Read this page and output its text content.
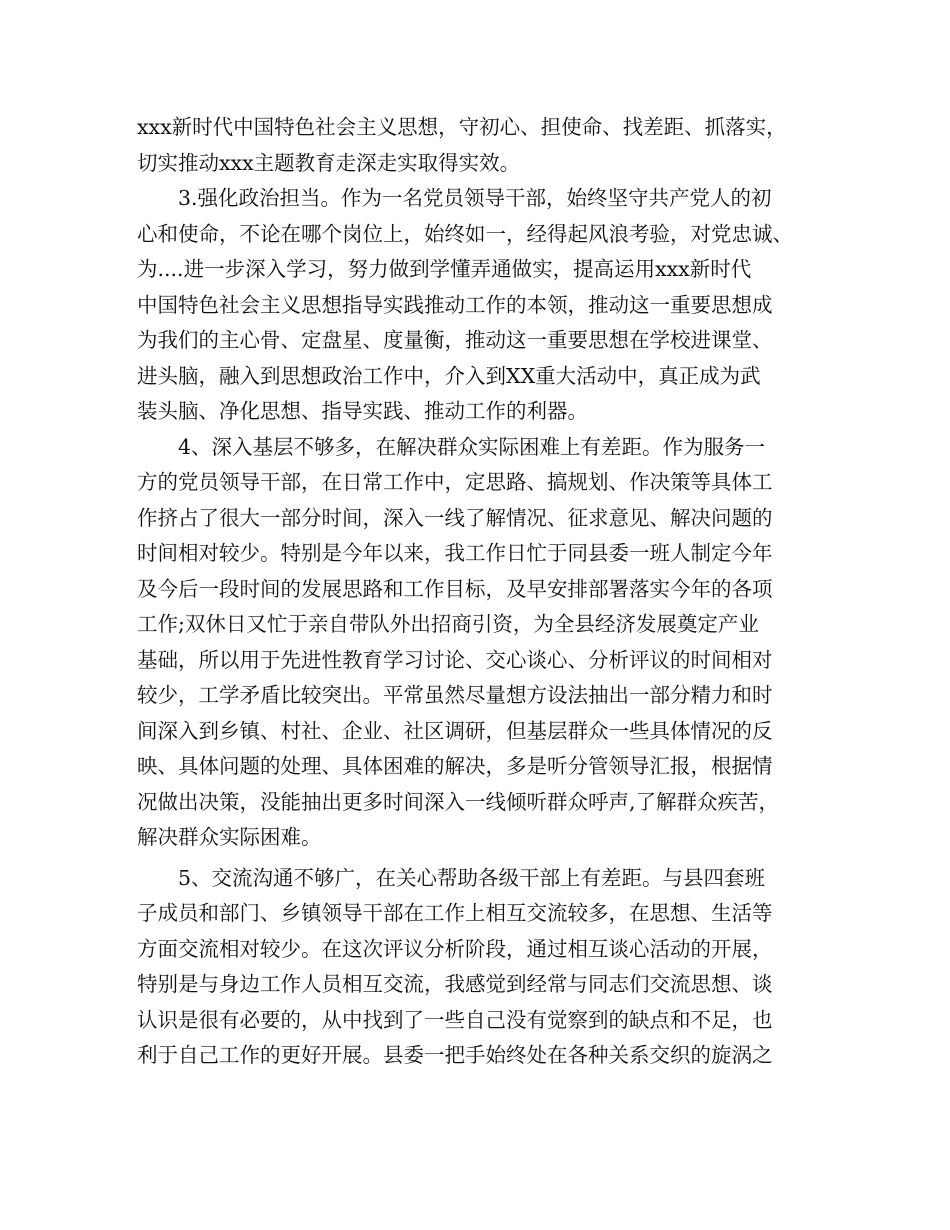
xxx新时代中国特色社会主义思想，守初心、担使命、找差距、抓落实，
切实推动xxx主题教育走深走实取得实效。
　　3.强化政治担当。作为一名党员领导干部，始终坚守共产党人的初
心和使命，不论在哪个岗位上，始终如一，经得起风浪考验，对党忠诚、
为....进一步深入学习，努力做到学懂弄通做实，提高运用xxx新时代
中国特色社会主义思想指导实践推动工作的本领，推动这一重要思想成
为我们的主心骨、定盘星、度量衡，推动这一重要思想在学校进课堂、
进头脑，融入到思想政治工作中，介入到XX重大活动中，真正成为武
装头脑、净化思想、指导实践、推动工作的利器。
　　4、深入基层不够多，在解决群众实际困难上有差距。作为服务一
方的党员领导干部，在日常工作中，定思路、搞规划、作决策等具体工
作挤占了很大一部分时间，深入一线了解情况、征求意见、解决问题的
时间相对较少。特别是今年以来，我工作日忙于同县委一班人制定今年
及今后一段时间的发展思路和工作目标，及早安排部署落实今年的各项
工作;双休日又忙于亲自带队外出招商引资，为全县经济发展奠定产业
基础，所以用于先进性教育学习讨论、交心谈心、分析评议的时间相对
较少，工学矛盾比较突出。平常虽然尽量想方设法抽出一部分精力和时
间深入到乡镇、村社、企业、社区调研，但基层群众一些具体情况的反
映、具体问题的处理、具体困难的解决，多是听分管领导汇报，根据情
况做出决策，没能抽出更多时间深入一线倾听群众呼声,了解群众疾苦，
解决群众实际困难。
　　5、交流沟通不够广，在关心帮助各级干部上有差距。与县四套班
子成员和部门、乡镇领导干部在工作上相互交流较多，在思想、生活等
方面交流相对较少。在这次评议分析阶段，通过相互谈心活动的开展，
特别是与身边工作人员相互交流，我感觉到经常与同志们交流思想、谈
认识是很有必要的，从中找到了一些自己没有觉察到的缺点和不足，也
利于自己工作的更好开展。县委一把手始终处在各种关系交织的旋涡之
